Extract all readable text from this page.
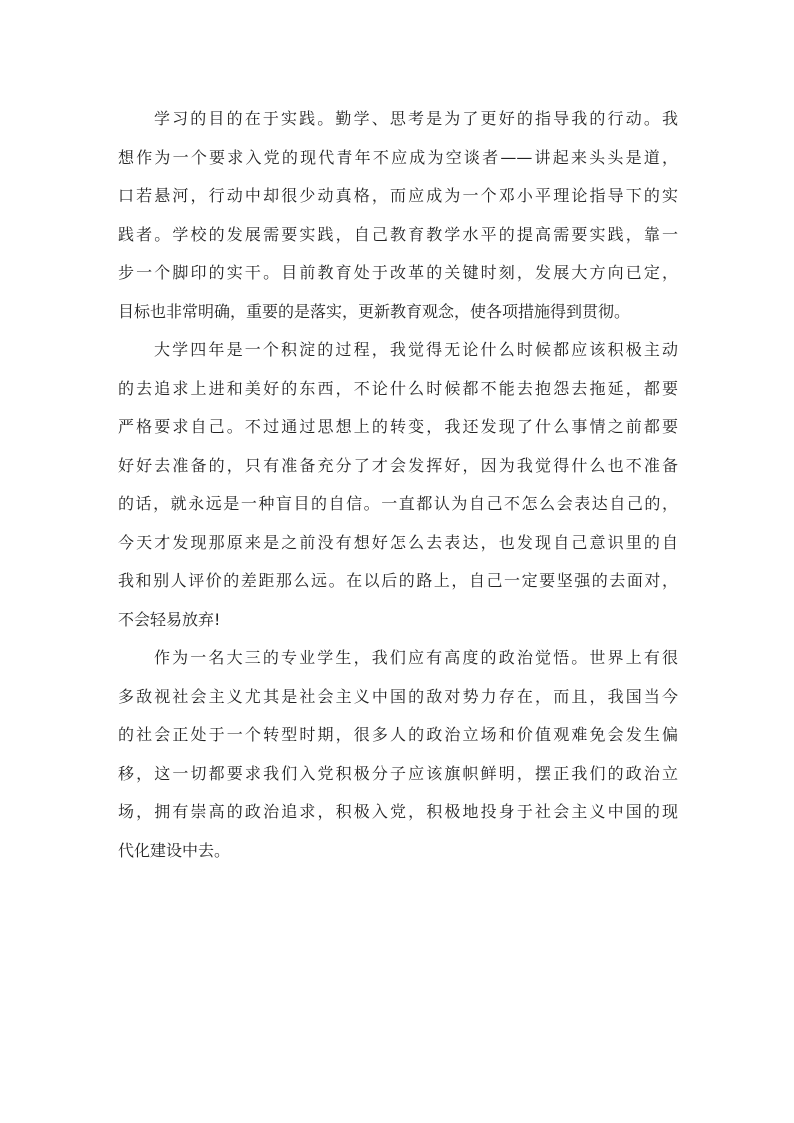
学习的目的在于实践。勤学、思考是为了更好的指导我的行动。我
想作为一个要求入党的现代青年不应成为空谈者——讲起来头头是道，
口若悬河，行动中却很少动真格，而应成为一个邓小平理论指导下的实
践者。学校的发展需要实践，自己教育教学水平的提高需要实践，靠一
步一个脚印的实干。目前教育处于改革的关键时刻，发展大方向已定，
目标也非常明确，重要的是落实，更新教育观念，使各项措施得到贯彻。
大学四年是一个积淀的过程，我觉得无论什么时候都应该积极主动
的去追求上进和美好的东西，不论什么时候都不能去抱怨去拖延，都要
严格要求自己。不过通过思想上的转变，我还发现了什么事情之前都要
好好去准备的，只有准备充分了才会发挥好，因为我觉得什么也不准备
的话，就永远是一种盲目的自信。一直都认为自己不怎么会表达自己的，
今天才发现那原来是之前没有想好怎么去表达，也发现自己意识里的自
我和别人评价的差距那么远。在以后的路上，自己一定要坚强的去面对，
不会轻易放弃!
作为一名大三的专业学生，我们应有高度的政治觉悟。世界上有很
多敌视社会主义尤其是社会主义中国的敌对势力存在，而且，我国当今
的社会正处于一个转型时期，很多人的政治立场和价值观难免会发生偏
移，这一切都要求我们入党积极分子应该旗帜鲜明，摆正我们的政治立
场，拥有崇高的政治追求，积极入党，积极地投身于社会主义中国的现
代化建设中去。
